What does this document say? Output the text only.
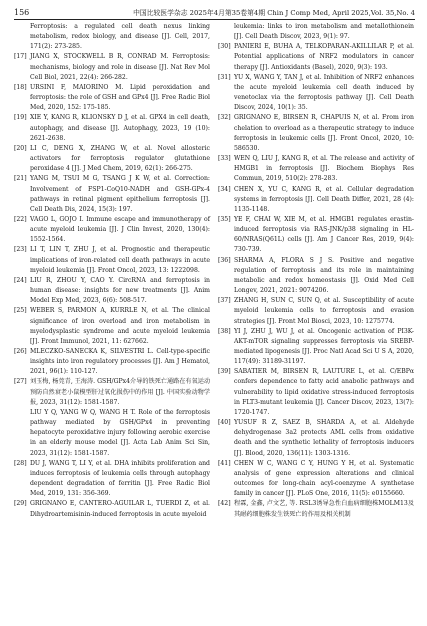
156	中国比较医学杂志 2025年4月第35卷第4期 Chin J Comp Med, April 2025,Vol. 35,No. 4

Ferroptosis: a regulated cell death nexus linking metabolism, redox biology, and disease [J]. Cell, 2017, 171(2): 273-285.

[17] JIANG X, STOCKWELL B R, CONRAD M. Ferroptosis: mechanisms, biology and role in disease [J]. Nat Rev Mol Cell Biol, 2021, 22(4): 266-282.

[18] URSINI F, MAIORINO M. Lipid peroxidation and ferroptosis: the role of GSH and GPx4 [J]. Free Radic Biol Med, 2020, 152: 175-185.

[19] XIE Y, KANG R, KLIONSKY D J, et al. GPX4 in cell death, autophagy, and disease [J]. Autophagy, 2023, 19 (10): 2621-2638.

[20] LI C, DENG X, ZHANG W, et al. Novel allosteric activators for ferroptosis regulator glutathione peroxidase 4 [J]. J Med Chem, 2019, 62(1): 266-275.

[21] YANG M, TSUI M G, TSANG J K W, et al. Correction: Involvement of FSP1-CoQ10-NADH and GSH-GPx-4 pathways in retinal pigment epithelium ferroptosis [J]. Cell Death Dis, 2024, 15(3): 197.

[22] VAGO L, GOJO I. Immune escape and immunotherapy of acute myeloid leukemia [J]. J Clin Invest, 2020, 130(4): 1552-1564.

[23] LI T, LIN T, ZHU J, et al. Prognostic and therapeutic implications of iron-related cell death pathways in acute myeloid leukemia [J]. Front Oncol, 2023, 13: 1222098.

[24] LIU R, ZHOU Y, CAO Y. CircRNA and ferroptosis in human disease: insights for new treatments [J]. Anim Model Exp Med, 2023, 6(6): 508-517.

[25] WEBER S, PARMON A, KURRLE N, et al. The clinical significance of iron overload and iron metabolism in myelodysplastic syndrome and acute myeloid leukemia [J]. Front Immunol, 2021, 11: 627662.

[26] MLECZKO-SANECKA K, SILVESTRI L. Cell-type-specific insights into iron regulatory processes [J]. Am J Hematol, 2021, 96(1): 110-127.

[27] 刘玉梅, 杨莞青, 王海涛. GSH/GPx4介导的铁死亡通路在有氧运动预防自然衰老小鼠模型肝过氧化损伤中的作用 [J]. 中国实验动物学报, 2023, 31(12): 1581-1587.

LIU Y Q, YANG W Q, WANG H T. Role of the ferroptosis pathway mediated by GSH/GPx4 in preventing hepatocyte peroxidative injury following aerobic exercise in an elderly mouse model [J]. Acta Lab Anim Sci Sin, 2023, 31(12): 1581-1587.

[28] DU J, WANG T, LI Y, et al. DHA inhibits proliferation and induces ferroptosis of leukemia cells through autophagy dependent degradation of ferritin [J]. Free Radic Biol Med, 2019, 131: 356-369.

[29] GRIGNANO E, CANTERO-AGUILAR L, TUERDI Z, et al. Dihydroartemisinin-induced ferroptosis in acute myeloid

leukemia: links to iron metabolism and metallothionein [J]. Cell Death Discov, 2023, 9(1): 97.

[30] PANIERI E, BUHA A, TELKOPARAN-AKILLILAR P, et al. Potential applications of NRF2 modulators in cancer therapy [J]. Antioxidants (Basel), 2020, 9(3): 193.

[31] YU X, WANG Y, TAN J, et al. Inhibition of NRF2 enhances the acute myeloid leukemia cell death induced by venetoclax via the ferroptosis pathway [J]. Cell Death Discov, 2024, 10(1): 35.

[32] GRIGNANO E, BIRSEN R, CHAPUIS N, et al. From iron chelation to overload as a therapeutic strategy to induce ferroptosis in leukemic cells [J]. Front Oncol, 2020, 10: 586530.

[33] WEN Q, LIU J, KANG R, et al. The release and activity of HMGB1 in ferroptosis [J]. Biochem Biophys Res Commun, 2019, 510(2): 278-283.

[34] CHEN X, YU C, KANG R, et al. Cellular degradation systems in ferroptosis [J]. Cell Death Differ, 2021, 28 (4): 1135-1148.

[35] YE F, CHAI W, XIE M, et al. HMGB1 regulates erastin-induced ferroptosis via RAS-JNK/p38 signaling in HL-60/NRAS(Q61L) cells [J]. Am J Cancer Res, 2019, 9(4): 730-739.

[36] SHARMA A, FLORA S J S. Positive and negative regulation of ferroptosis and its role in maintaining metabolic and redox homeostasis [J]. Oxid Med Cell Longev, 2021, 2021: 9074206.

[37] ZHANG H, SUN C, SUN Q, et al. Susceptibility of acute myeloid leukemia cells to ferroptosis and evasion strategies [J]. Front Mol Biosci, 2023, 10: 1275774.

[38] YI J, ZHU J, WU J, et al. Oncogenic activation of PI3K-AKT-mTOR signaling suppresses ferroptosis via SREBP-mediated lipogenesis [J]. Proc Natl Acad Sci U S A, 2020, 117(49): 31189-31197.

[39] SABATIER M, BIRSEN R, LAUTURE L, et al. C/EBPα confers dependence to fatty acid anabolic pathways and vulnerability to lipid oxidative stress-induced ferroptosis in FLT3-mutant leukemia [J]. Cancer Discov, 2023, 13(7): 1720-1747.

[40] YUSUF R Z, SAEZ B, SHARDA A, et al. Aldehyde dehydrogenase 3a2 protects AML cells from oxidative death and the synthetic lethality of ferroptosis inducers [J]. Blood, 2020, 136(11): 1303-1316.

[41] CHEN W C, WANG C Y, HUNG Y H, et al. Systematic analysis of gene expression alterations and clinical outcomes for long-chain acyl-coenzyme A synthetase family in cancer [J]. PLoS One, 2016, 11(5): e0155660.

[42] 程霖, 金鑫, 卢文艺, 等. RSL3诱导急性白血病细胞株MOLM13及其耐药细胞株发生铁死亡的作用及相关机制
